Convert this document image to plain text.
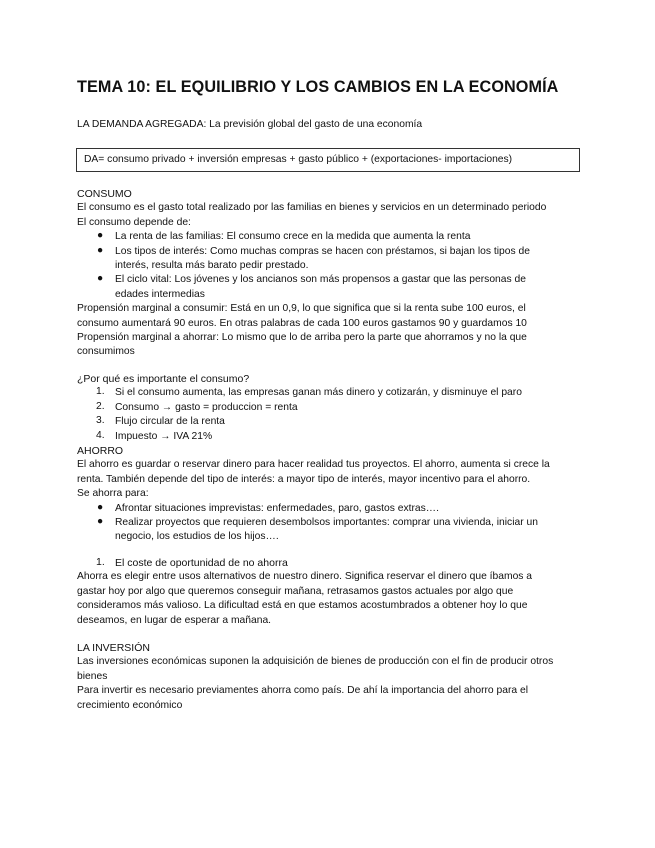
TEMA 10: EL EQUILIBRIO Y LOS CAMBIOS EN LA ECONOMÍA
LA DEMANDA AGREGADA: La previsión global del gasto de una economía
DA= consumo privado + inversión empresas + gasto público + (exportaciones- importaciones)
CONSUMO
El consumo es el gasto total realizado por las familias en bienes y servicios en un determinado periodo
El consumo depende de:
●	La renta de las familias: El consumo crece en la medida que aumenta la renta
●	Los tipos de interés: Como muchas compras se hacen con préstamos, si bajan los tipos de
interés, resulta más barato pedir prestado.
●	El ciclo vital: Los jóvenes y los ancianos son más propensos a gastar que las personas de
edades intermedias
Propensión marginal a consumir: Está en un 0,9, lo que significa que si la renta sube 100 euros, el
consumo aumentará 90 euros. En otras palabras de cada 100 euros gastamos 90 y guardamos 10
Propensión marginal a ahorrar: Lo mismo que lo de arriba pero la parte que ahorramos y no la que
consumimos
¿Por qué es importante el consumo?
1.	Si el consumo aumenta, las empresas ganan más dinero y cotizarán, y disminuye el paro
2.	Consumo → gasto = produccion = renta
3.	Flujo circular de la renta
4.	Impuesto → IVA 21%
AHORRO
El ahorro es guardar o reservar dinero para hacer realidad tus proyectos. El ahorro, aumenta si crece la
renta. También depende del tipo de interés: a mayor tipo de interés, mayor incentivo para el ahorro.
Se ahorra para:
●	Afrontar situaciones imprevistas: enfermedades, paro, gastos extras….
●	Realizar proyectos que requieren desembolsos importantes: comprar una vivienda, iniciar un
negocio, los estudios de los hijos….
1. El coste de oportunidad de no ahorra
Ahorra es elegir entre usos alternativos de nuestro dinero. Significa reservar el dinero que íbamos a
gastar hoy por algo que queremos conseguir mañana, retrasamos gastos actuales por algo que
consideramos más valioso. La dificultad está en que estamos acostumbrados a obtener hoy lo que
deseamos, en lugar de esperar a mañana.
LA INVERSIÓN
Las inversiones económicas suponen la adquisición de bienes de producción con el fin de producir otros
bienes
Para invertir es necesario previamentes ahorra como país. De ahí la importancia del ahorro para el
crecimiento económico
